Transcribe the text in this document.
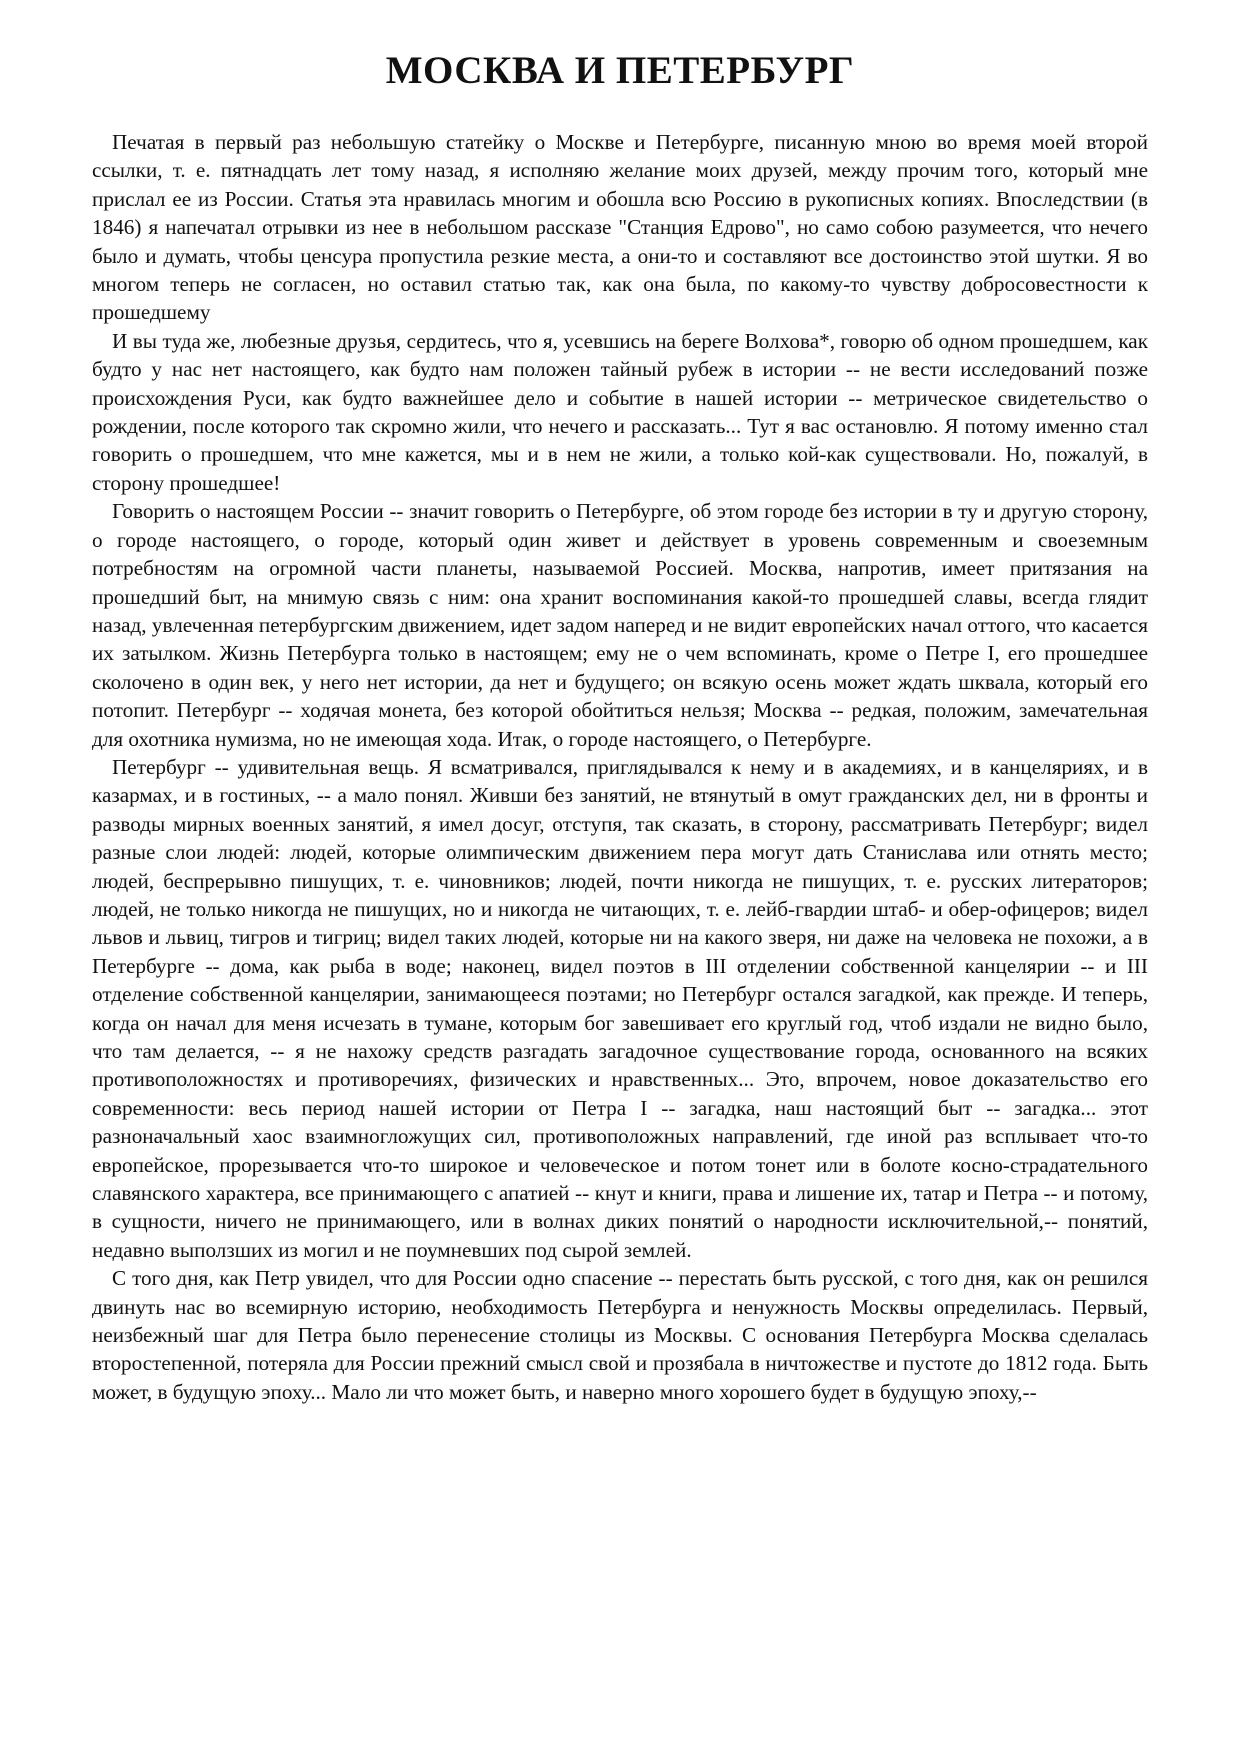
МОСКВА И ПЕТЕРБУРГ

Печатая в первый раз небольшую статейку о Москве и Петербурге, писанную мною во время моей второй ссылки, т. е. пятнадцать лет тому назад, я исполняю желание моих друзей, между прочим того, который мне прислал ее из России. Статья эта нравилась многим и обошла всю Россию в рукописных копиях. Впоследствии (в 1846) я напечатал отрывки из нее в небольшом рассказе "Станция Едрово", но само собою разумеется, что нечего было и думать, чтобы ценсура пропустила резкие места, а они-то и составляют все достоинство этой шутки. Я во многом теперь не согласен, но оставил статью так, как она была, по какому-то чувству добросовестности к прошедшему

И вы туда же, любезные друзья, сердитесь, что я, усевшись на береге Волхова*, говорю об одном прошедшем, как будто у нас нет настоящего, как будто нам положен тайный рубеж в истории -- не вести исследований позже происхождения Руси, как будто важнейшее дело и событие в нашей истории -- метрическое свидетельство о рождении, после которого так скромно жили, что нечего и рассказать... Тут я вас остановлю. Я потому именно стал говорить о прошедшем, что мне кажется, мы и в нем не жили, а только кой-как существовали. Но, пожалуй, в сторону прошедшее!

Говорить о настоящем России -- значит говорить о Петербурге, об этом городе без истории в ту и другую сторону, о городе настоящего, о городе, который один живет и действует в уровень современным и своеземным потребностям на огромной части планеты, называемой Россией. Москва, напротив, имеет притязания на прошедший быт, на мнимую связь с ним: она хранит воспоминания какой-то прошедшей славы, всегда глядит назад, увлеченная петербургским движением, идет задом наперед и не видит европейских начал оттого, что касается их затылком. Жизнь Петербурга только в настоящем; ему не о чем вспоминать, кроме о Петре I, его прошедшее сколочено в один век, у него нет истории, да нет и будущего; он всякую осень может ждать шквала, который его потопит. Петербург -- ходячая монета, без которой обойтиться нельзя; Москва -- редкая, положим, замечательная для охотника нумизма, но не имеющая хода. Итак, о городе настоящего, о Петербурге.

Петербург -- удивительная вещь. Я всматривался, приглядывался к нему и в академиях, и в канцеляриях, и в казармах, и в гостиных, -- а мало понял. Живши без занятий, не втянутый в омут гражданских дел, ни в фронты и разводы мирных военных занятий, я имел досуг, отступя, так сказать, в сторону, рассматривать Петербург; видел разные слои людей: людей, которые олимпическим движением пера могут дать Станислава или отнять место; людей, беспрерывно пишущих, т. е. чиновников; людей, почти никогда не пишущих, т. е. русских литераторов; людей, не только никогда не пишущих, но и никогда не читающих, т. е. лейб-гвардии штаб- и обер-офицеров; видел львов и львиц, тигров и тигриц; видел таких людей, которые ни на какого зверя, ни даже на человека не похожи, а в Петербурге -- дома, как рыба в воде; наконец, видел поэтов в III отделении собственной канцелярии -- и III отделение собственной канцелярии, занимающееся поэтами; но Петербург остался загадкой, как прежде. И теперь, когда он начал для меня исчезать в тумане, которым бог завешивает его круглый год, чтоб издали не видно было, что там делается, -- я не нахожу средств разгадать загадочное существование города, основанного на всяких противоположностях и противоречиях, физических и нравственных... Это, впрочем, новое доказательство его современности: весь период нашей истории от Петра I -- загадка, наш настоящий быт -- загадка... этот разноначальный хаос взаимногложущих сил, противоположных направлений, где иной раз всплывает что-то европейское, прорезывается что-то широкое и человеческое и потом тонет или в болоте косно-страдательного славянского характера, все принимающего с апатией -- кнут и книги, права и лишение их, татар и Петра -- и потому, в сущности, ничего не принимающего, или в волнах диких понятий о народности исключительной,-- понятий, недавно выползших из могил и не поумневших под сырой землей.

С того дня, как Петр увидел, что для России одно спасение -- перестать быть русской, с того дня, как он решился двинуть нас во всемирную историю, необходимость Петербурга и ненужность Москвы определилась. Первый, неизбежный шаг для Петра было перенесение столицы из Москвы. С основания Петербурга Москва сделалась второстепенной, потеряла для России прежний смысл свой и прозябала в ничтожестве и пустоте до 1812 года. Быть может, в будущую эпоху... Мало ли что может быть, и наверно много хорошего будет в будущую эпоху,--
